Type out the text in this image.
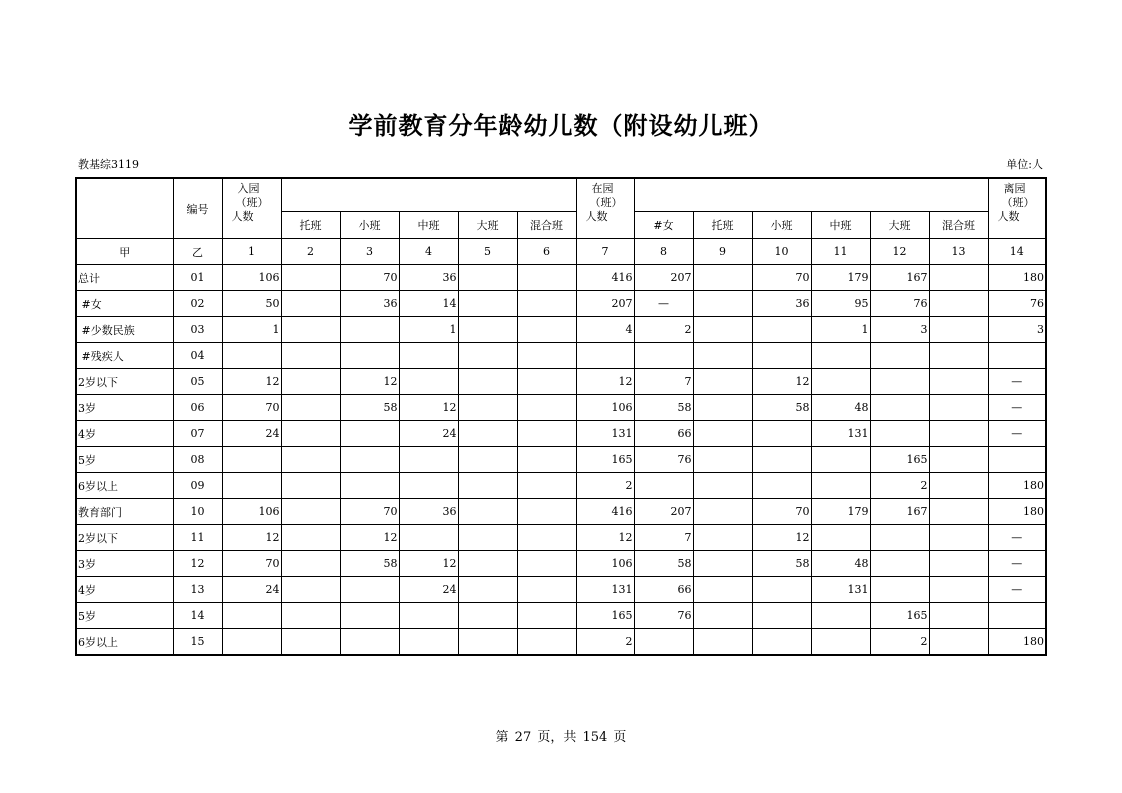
学前教育分年龄幼儿数（附设幼儿班）
教基综3119	单位:人
	编号	入园
（班）
人数						在园
（班）
人数							离园
（班）
人数

			托班	小班	中班	大班	混合班		#女	托班	小班	中班	大班	混合班	
甲	乙	1	2	3	4	5	6	7	8	9	10	11	12	13	14
总计	01	106		70	36			416	207		70	179	167		180
#女	02	50		36	14			207	—		36	95	76		76
#少数民族	03	1			1			4	2			1	3		3
#残疾人	04														
2岁以下	05	12		12				12	7		12				—
3岁	06	70		58	12			106	58		58	48			—
4岁	07	24			24			131	66			131			—
5岁	08							165	76				165		
6岁以上	09							2					2		180
教育部门	10	106		70	36			416	207		70	179	167		180
2岁以下	11	12		12				12	7		12				—
3岁	12	70		58	12			106	58		58	48			—
4岁	13	24			24			131	66			131			—
5岁	14							165	76				165		
6岁以上	15							2					2		180
第 27 页，共 154 页
